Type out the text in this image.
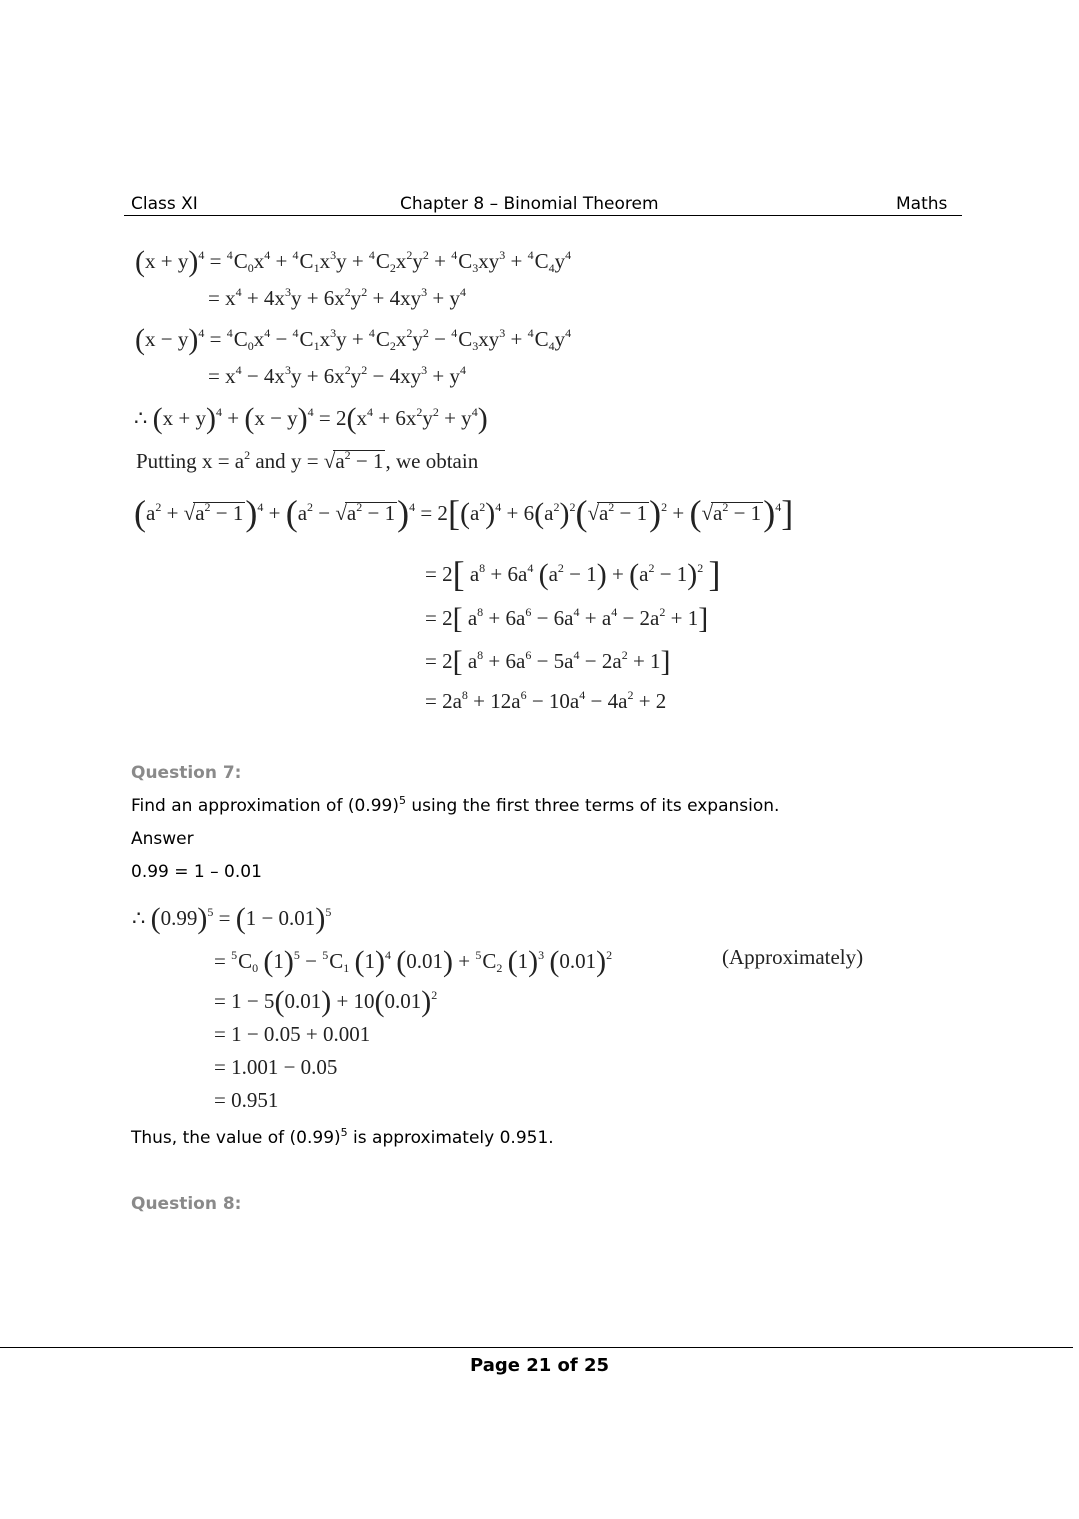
Class XI	Chapter 8 – Binomial Theorem	Maths
$(x + y)^4 = ^4C_0x^4 + ^4C_1x^3y + ^4C_2x^2y^2 + ^4C_3xy^3 + ^4C_4y^4$
= $x^4 + 4x^3y + 6x^2y^2 + 4xy^3 + y^4$
$(x - y)^4 = ^4C_0x^4 - ^4C_1x^3y + ^4C_2x^2y^2 - ^4C_3xy^3 + ^4C_4y^4$
= $x^4 - 4x^3y + 6x^2y^2 - 4xy^3 + y^4$
∴ $(x + y)^4 + (x - y)^4 = 2(x^4 + 6x^2y^2 + y^4)$
Putting $x = a^2$ and $y = √a^2 - 1$, we obtain
$(a^2 + √a^2 - 1)^4 + (a^2 - √a^2 - 1)^4 = 2[(a^2)^4 + 6(a^2)^2(√a^2 - 1)^2 + (√a^2 - 1)^4]$
= 2[ $a^8 + 6a^4$ $(a^2 - 1) + (a^2 - 1)^2$ ]
= 2[ $a^8 + 6a^6 - 6a^4 + a^4 - 2a^2 + 1$]
= 2[ $a^8 + 6a^6 - 5a^4 - 2a^2 + 1$]
= $2a^8 + 12a^6 - 10a^4 - 4a^2 + 2$
Question 7:
Find an approximation of $(0.99)^5$ using the first three terms of its expansion.
Answer
0.99 = 1 – 0.01
∴ $(0.99)^5 = (1 - 0.01)^5$
= $^5C_0$ $(1)^5 - ^5C_1$ $(1)^4$ $(0.01) + ^5C_2$ $(1)^3$ $(0.01)^2$	(Approximately)
= $1 - 5(0.01) + 10(0.01)^2$
= 1 − 0.05 + 0.001
= 1.001 − 0.05
= 0.951
Thus, the value of $(0.99)^5$ is approximately 0.951.
Question 8:
Page 21 of 25
